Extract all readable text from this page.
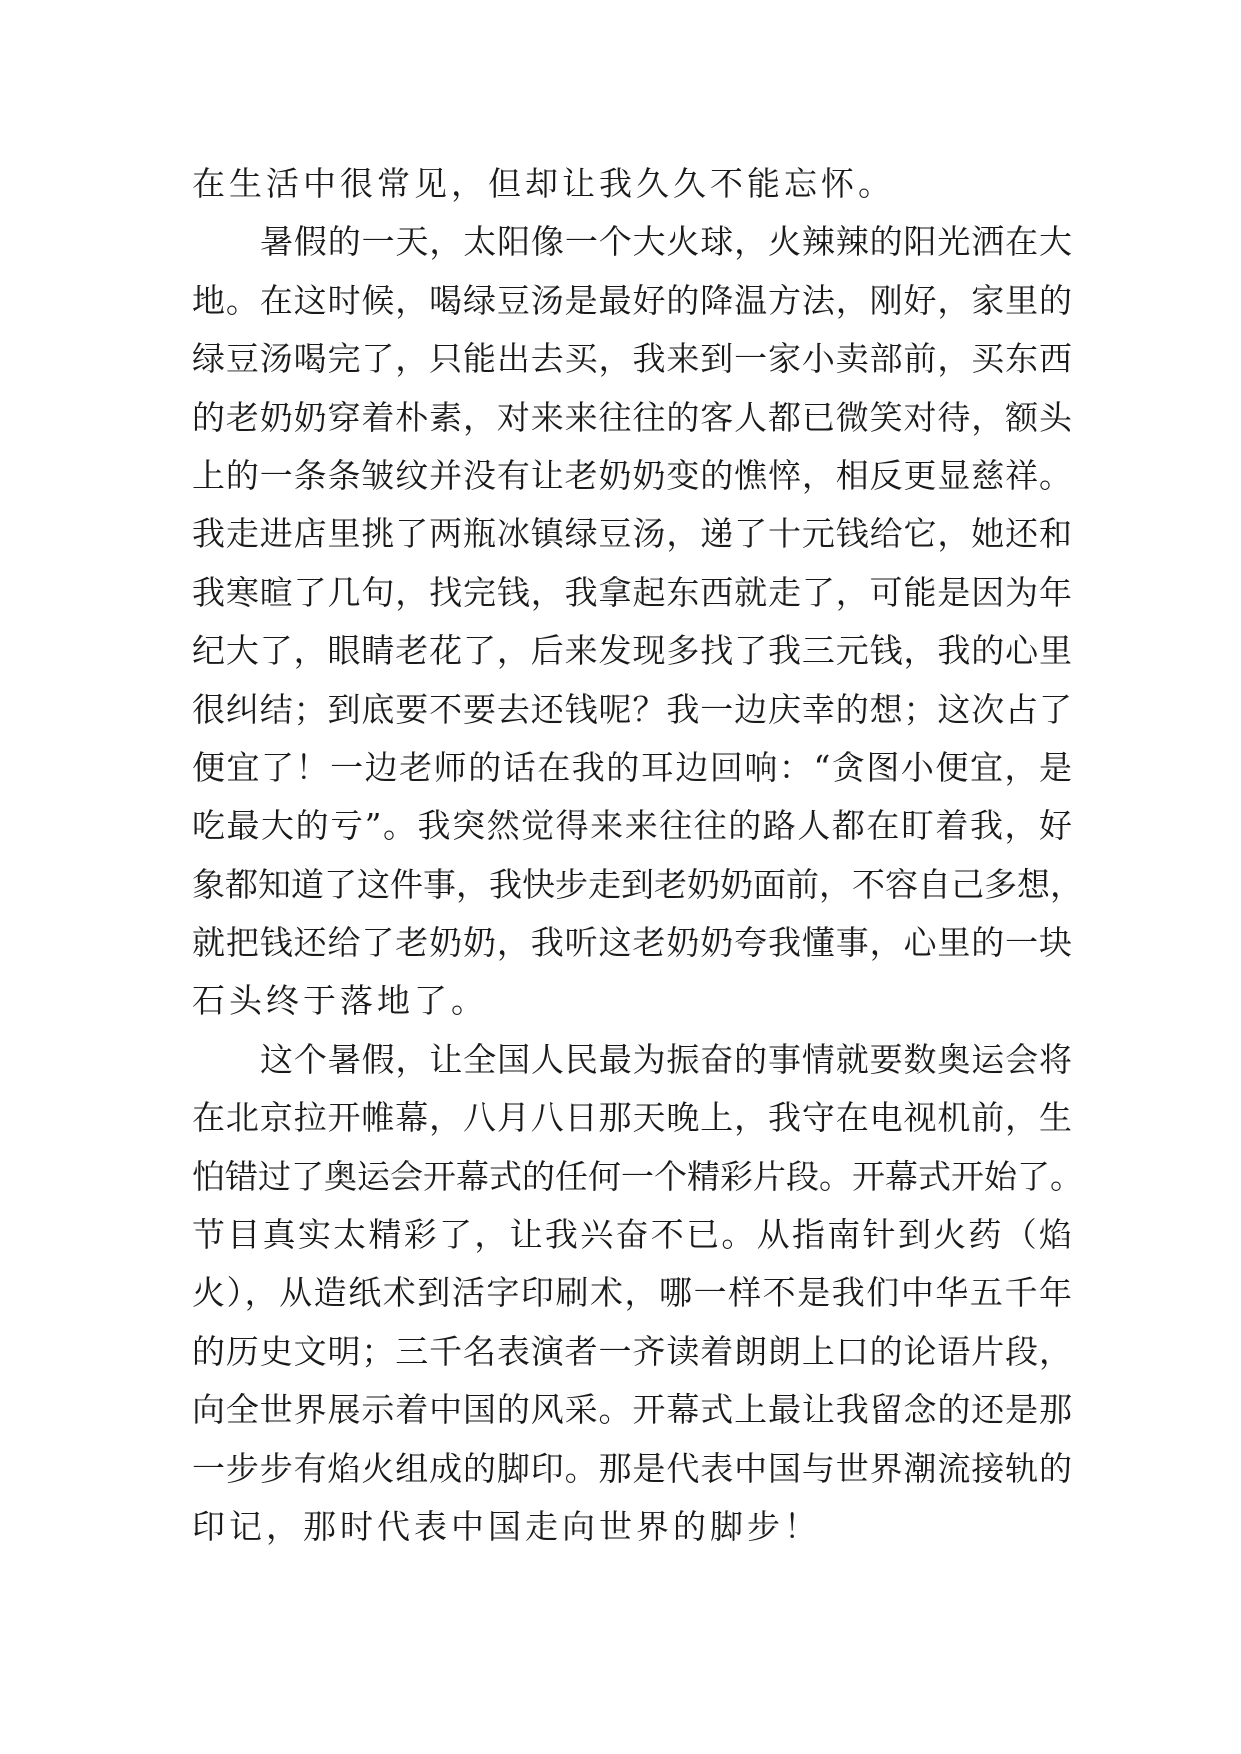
在生活中很常见，但却让我久久不能忘怀。
暑假的一天，太阳像一个大火球，火辣辣的阳光洒在大
地。在这时候，喝绿豆汤是最好的降温方法，刚好，家里的
绿豆汤喝完了，只能出去买，我来到一家小卖部前，买东西
的老奶奶穿着朴素，对来来往往的客人都已微笑对待，额头
上的一条条皱纹并没有让老奶奶变的憔悴，相反更显慈祥。
我走进店里挑了两瓶冰镇绿豆汤，递了十元钱给它，她还和
我寒暄了几句，找完钱，我拿起东西就走了，可能是因为年
纪大了，眼睛老花了，后来发现多找了我三元钱，我的心里
很纠结；到底要不要去还钱呢？我一边庆幸的想；这次占了
便宜了！一边老师的话在我的耳边回响：“贪图小便宜，是
吃最大的亏”。我突然觉得来来往往的路人都在盯着我，好
象都知道了这件事，我快步走到老奶奶面前，不容自己多想，
就把钱还给了老奶奶，我听这老奶奶夸我懂事，心里的一块
石头终于落地了。
这个暑假，让全国人民最为振奋的事情就要数奥运会将
在北京拉开帷幕，八月八日那天晚上，我守在电视机前，生
怕错过了奥运会开幕式的任何一个精彩片段。开幕式开始了。
节目真实太精彩了，让我兴奋不已。从指南针到火药（焰
火），从造纸术到活字印刷术，哪一样不是我们中华五千年
的历史文明；三千名表演者一齐读着朗朗上口的论语片段，
向全世界展示着中国的风采。开幕式上最让我留念的还是那
一步步有焰火组成的脚印。那是代表中国与世界潮流接轨的
印记，那时代表中国走向世界的脚步！
